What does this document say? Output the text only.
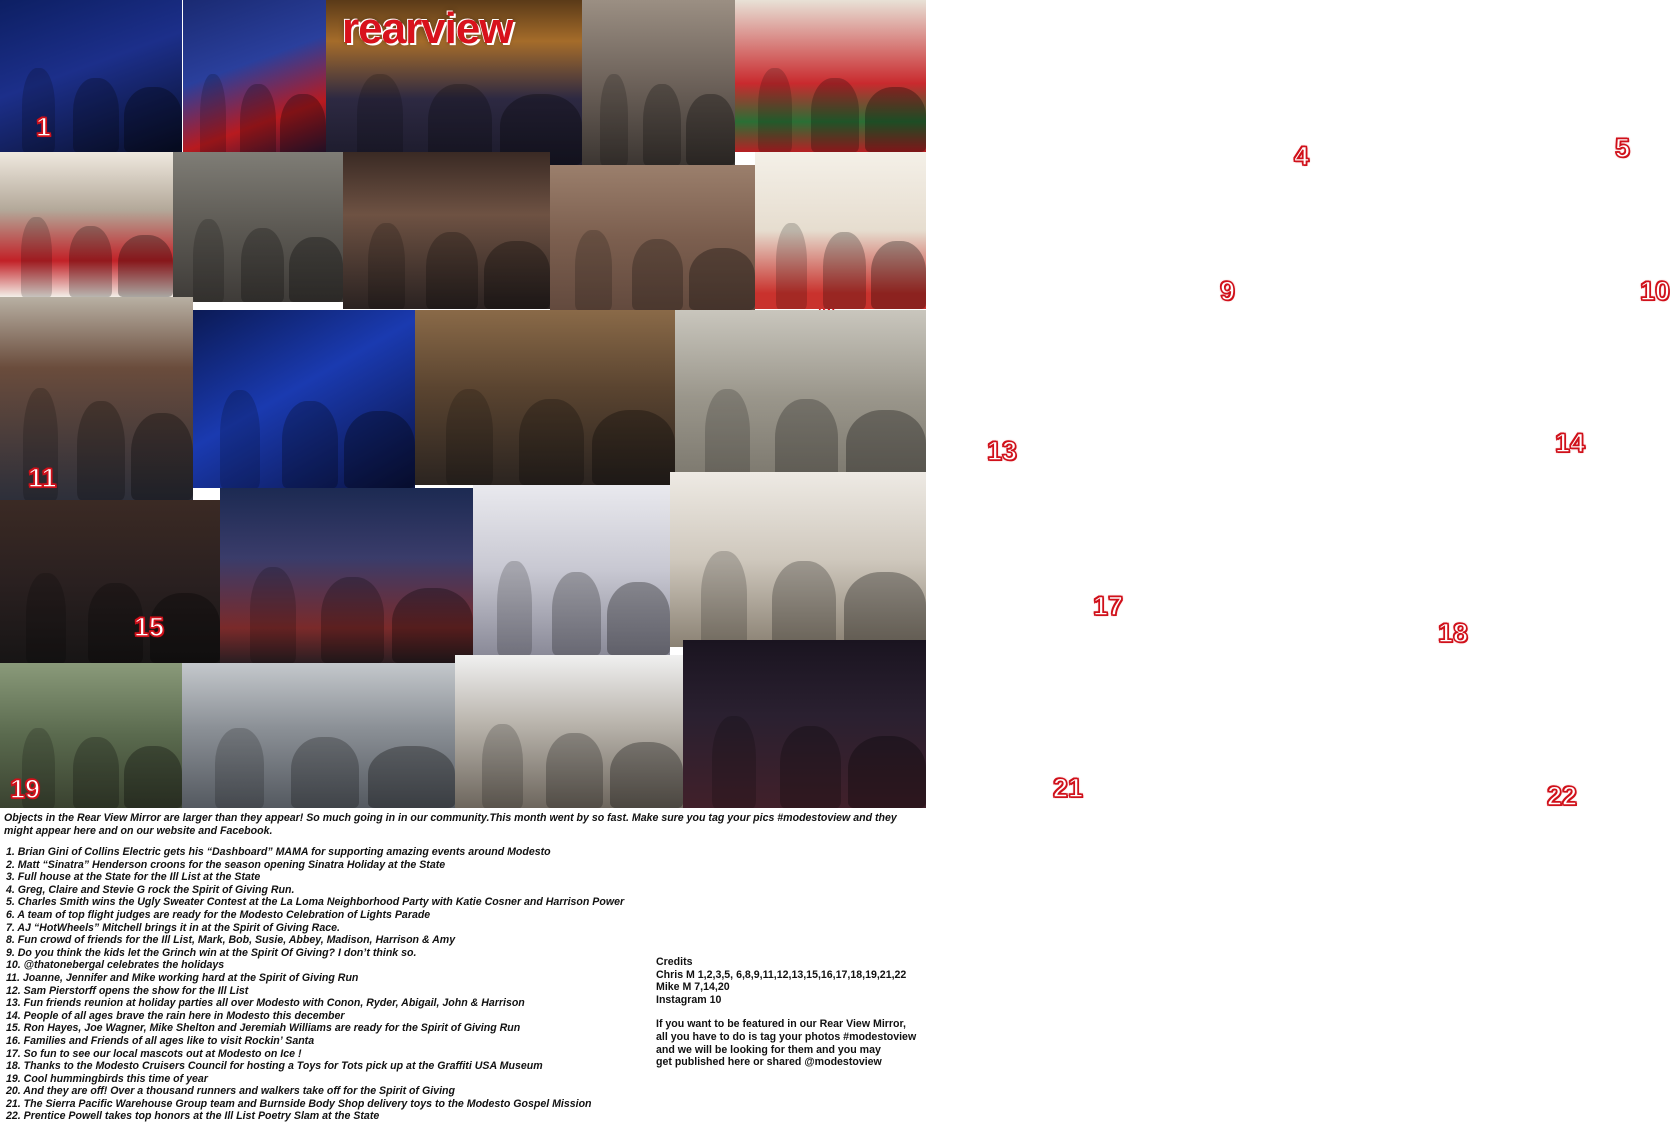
1
4	5
9	10
11
13	14
15
17
18
19	21	22
rearview
Objects in the Rear View Mirror are larger than they appear! So much going in in our community.This month went by so fast. Make sure you tag your pics #modestoview and they might appear here and on our website and Facebook.
1. Brian Gini of Collins Electric gets his “Dashboard” MAMA for supporting amazing events around Modesto
2. Matt “Sinatra” Henderson croons for the season opening Sinatra Holiday at the State
3. Full house at the State for the Ill List at the State
4. Greg, Claire and Stevie G rock the Spirit of Giving Run.
5. Charles Smith wins the Ugly Sweater Contest at the La Loma Neighborhood Party with Katie Cosner and Harrison Power
6. A team of top flight judges are ready for the Modesto Celebration of Lights Parade
7. AJ “HotWheels” Mitchell brings it in at the Spirit of Giving Race.
8. Fun crowd of friends for the Ill List, Mark, Bob, Susie, Abbey, Madison, Harrison & Amy
9. Do you think the kids let the Grinch win at the Spirit Of Giving? I don’t think so.
10. @thatonebergal celebrates the holidays
11. Joanne, Jennifer and Mike working hard at the Spirit of Giving Run
12. Sam Pierstorff opens the show for the Ill List
13. Fun friends reunion at holiday parties all over Modesto with Conon, Ryder, Abigail, John & Harrison
14. People of all ages brave the rain here in Modesto this december
15. Ron Hayes, Joe Wagner, Mike Shelton and Jeremiah Williams are ready for the Spirit of Giving Run
16. Families and Friends of all ages like to visit Rockin’ Santa
17. So fun to see our local mascots out at Modesto on Ice !
18. Thanks to the Modesto Cruisers Council for hosting a Toys for Tots pick up at the Graffiti USA Museum
19. Cool hummingbirds this time of year
20. And they are off! Over a thousand runners and walkers take off for the Spirit of Giving
21. The Sierra Pacific Warehouse Group team and Burnside Body Shop delivery toys to the Modesto Gospel Mission
22. Prentice Powell takes top honors at the Ill List Poetry Slam at the State
Credits
Chris M 1,2,3,5, 6,8,9,11,12,13,15,16,17,18,19,21,22
Mike M 7,14,20
Instagram 10
If you want to be featured in our Rear View Mirror,
all you have to do is tag your photos #modestoview
and we will be looking for them and you may
get published here or shared @modestoview
